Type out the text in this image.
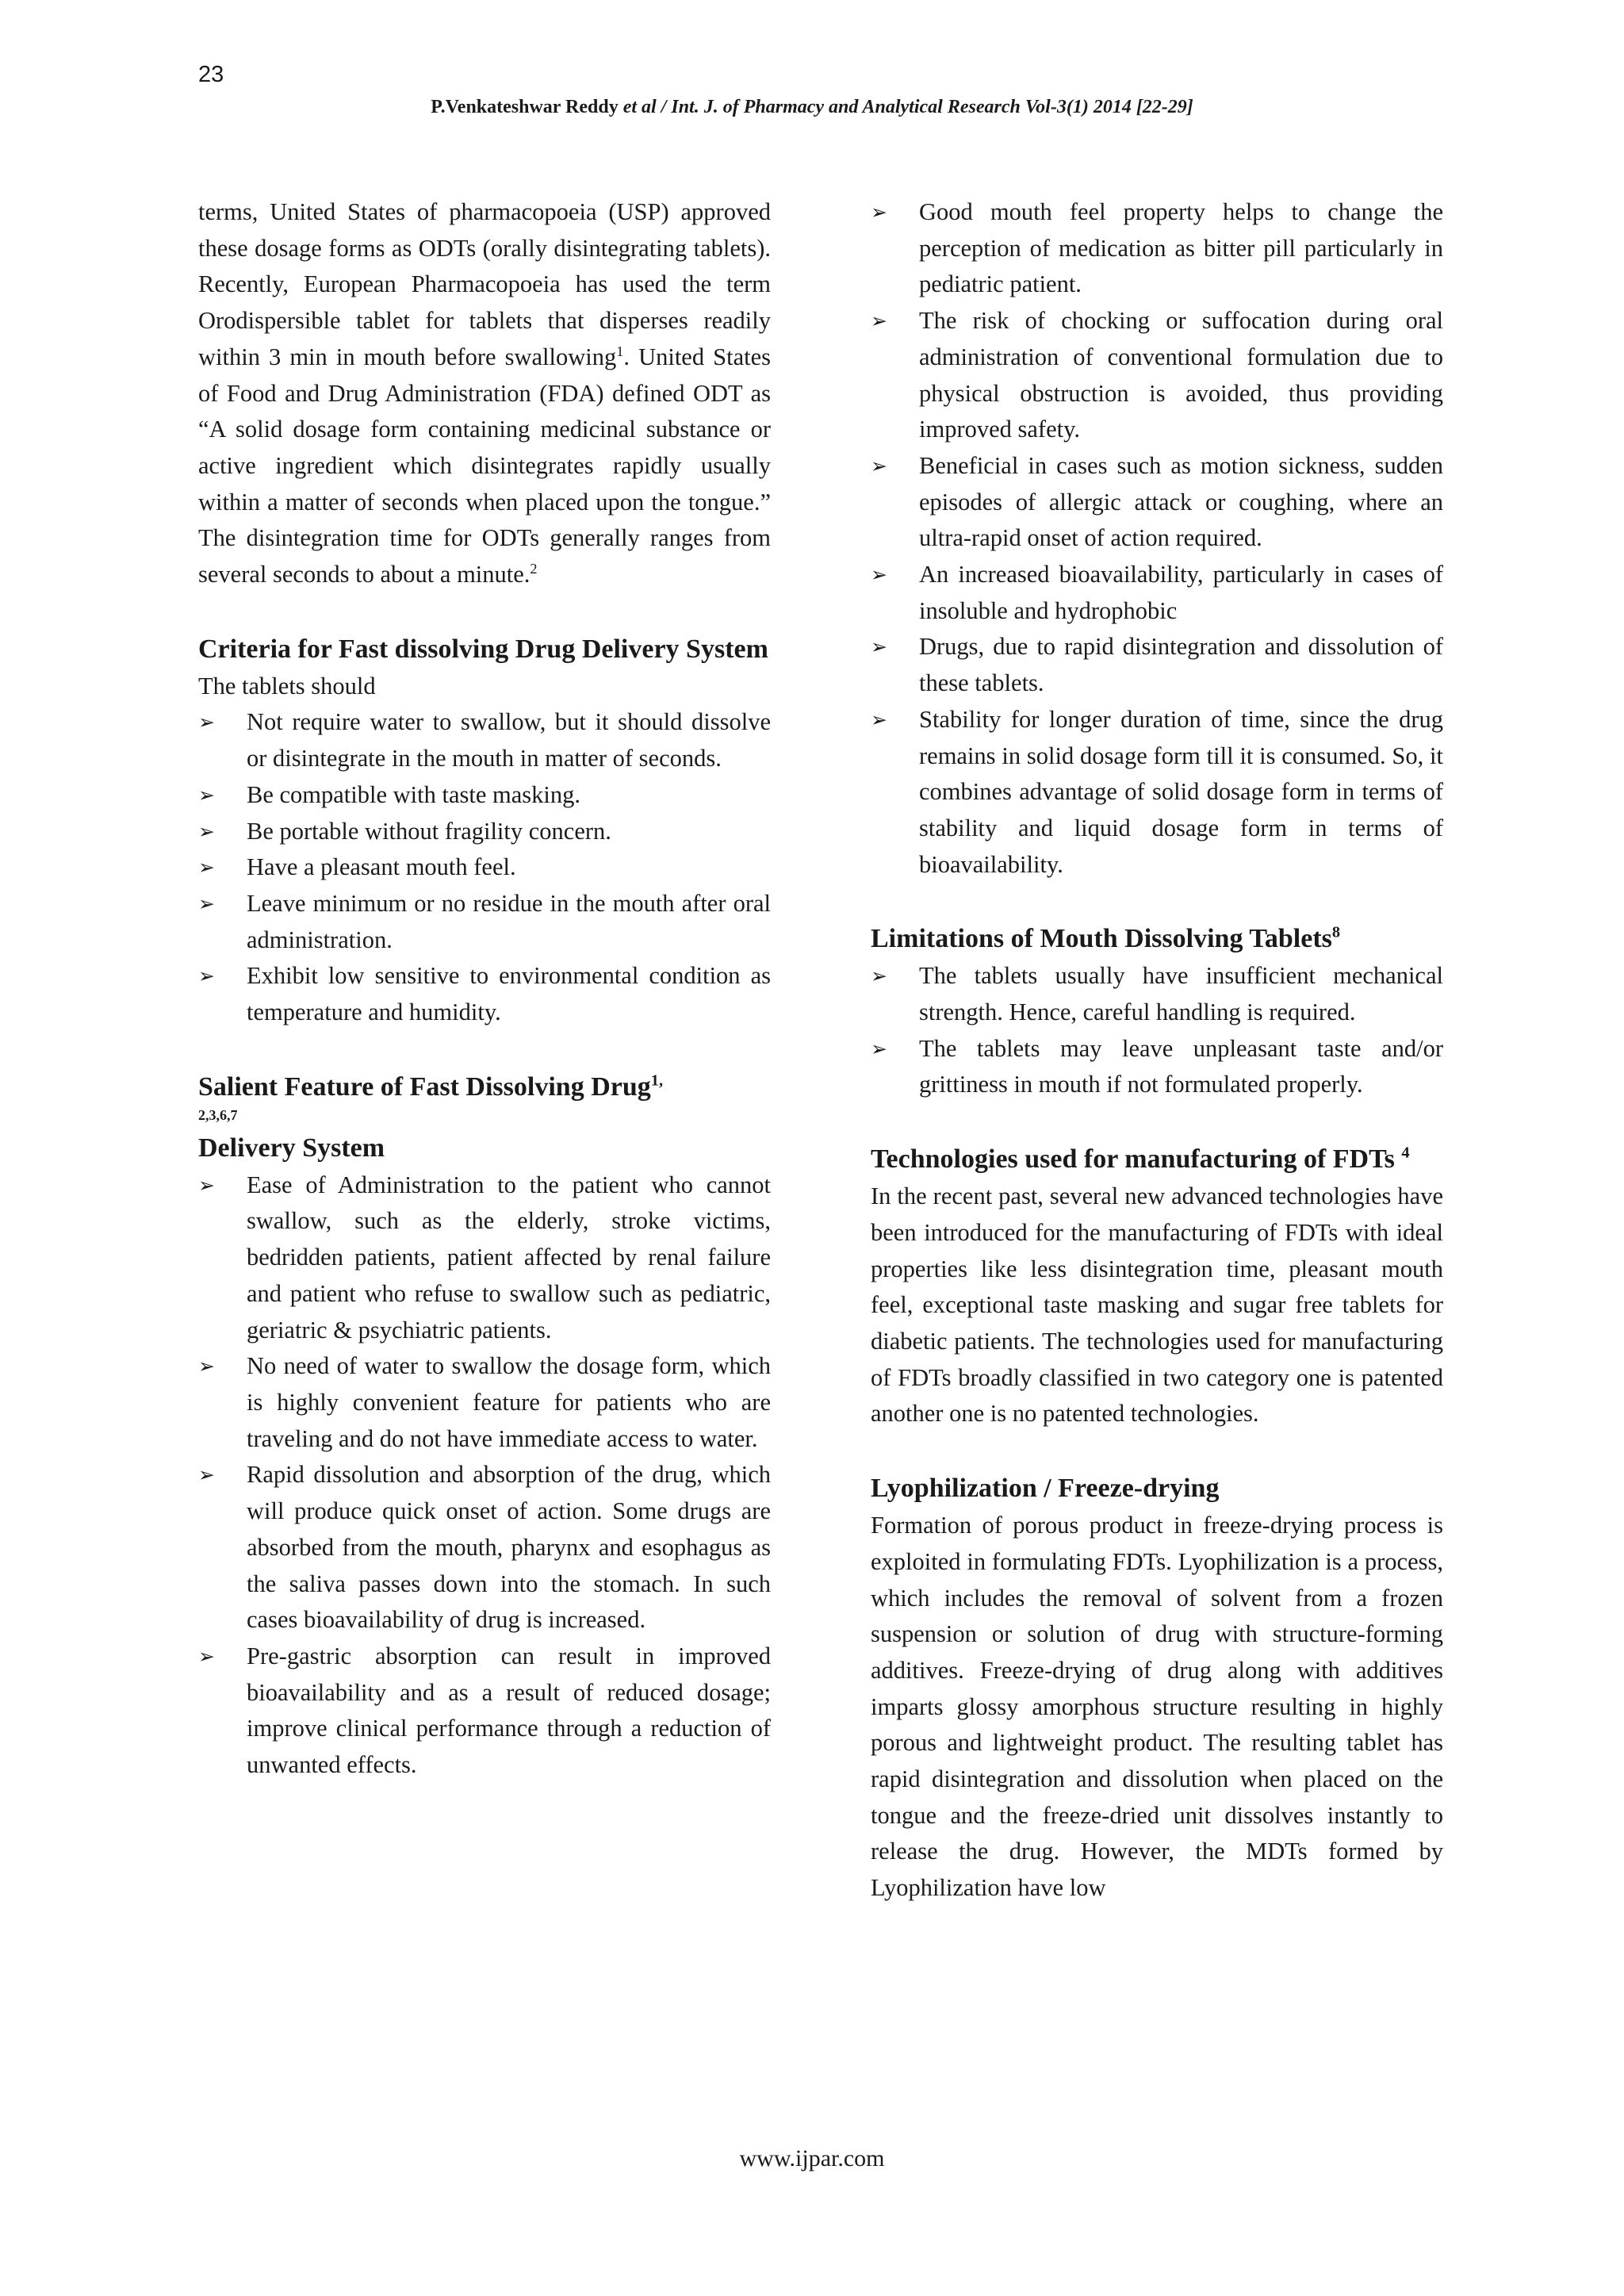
23
P.Venkateshwar Reddy et al / Int. J. of Pharmacy and Analytical Research Vol-3(1) 2014 [22-29]

terms, United States of pharmacopoeia (USP) approved these dosage forms as ODTs (orally disintegrating tablets). Recently, European Pharmacopoeia has used the term Orodispersible tablet for tablets that disperses readily within 3 min in mouth before swallowing$^1$. United States of Food and Drug Administration (FDA) defined ODT as “A solid dosage form containing medicinal substance or active ingredient which disintegrates rapidly usually within a matter of seconds when placed upon the tongue.” The disintegration time for ODTs generally ranges from several seconds to about a minute.$^2$

Criteria for Fast dissolving Drug Delivery System

The tablets should

➢ Not require water to swallow, but it should dissolve or disintegrate in the mouth in matter of seconds.
➢ Be compatible with taste masking.
➢ Be portable without fragility concern.
➢ Have a pleasant mouth feel.
➢ Leave minimum or no residue in the mouth after oral administration.
➢ Exhibit low sensitive to environmental condition as temperature and humidity.
Salient Feature of Fast Dissolving Drug$^{1,}$
2,3,6,7
Delivery System
➢ Ease of Administration to the patient who cannot swallow, such as the elderly, stroke victims, bedridden patients, patient affected by renal failure and patient who refuse to swallow such as pediatric, geriatric & psychiatric patients.
➢ No need of water to swallow the dosage form, which is highly convenient feature for patients who are traveling and do not have immediate access to water.
➢ Rapid dissolution and absorption of the drug, which will produce quick onset of action. Some drugs are absorbed from the mouth, pharynx and esophagus as the saliva passes down into the stomach. In such cases bioavailability of drug is increased.
➢ Pre-gastric absorption can result in improved bioavailability and as a result of reduced dosage; improve clinical performance through a reduction of unwanted effects.
➢ Good mouth feel property helps to change the perception of medication as bitter pill particularly in pediatric patient.
➢ The risk of chocking or suffocation during oral administration of conventional formulation due to physical obstruction is avoided, thus providing improved safety.
➢ Beneficial in cases such as motion sickness, sudden episodes of allergic attack or coughing, where an ultra-rapid onset of action required.
➢ An increased bioavailability, particularly in cases of insoluble and hydrophobic
➢ Drugs, due to rapid disintegration and dissolution of these tablets.
➢ Stability for longer duration of time, since the drug remains in solid dosage form till it is consumed. So, it combines advantage of solid dosage form in terms of stability and liquid dosage form in terms of bioavailability.
Limitations of Mouth Dissolving Tablets$^8$
➢ The tablets usually have insufficient mechanical strength. Hence, careful handling is required.
➢ The tablets may leave unpleasant taste and/or grittiness in mouth if not formulated properly.
Technologies used for manufacturing of FDTs $^4$

In the recent past, several new advanced technologies have been introduced for the manufacturing of FDTs with ideal properties like less disintegration time, pleasant mouth feel, exceptional taste masking and sugar free tablets for diabetic patients. The technologies used for manufacturing of FDTs broadly classified in two category one is patented another one is no patented technologies.

Lyophilization / Freeze-drying

Formation of porous product in freeze-drying process is exploited in formulating FDTs. Lyophilization is a process, which includes the removal of solvent from a frozen suspension or solution of drug with structure-forming additives. Freeze-drying of drug along with additives imparts glossy amorphous structure resulting in highly porous and lightweight product. The resulting tablet has rapid disintegration and dissolution when placed on the tongue and the freeze-dried unit dissolves instantly to release the drug. However, the MDTs formed by Lyophilization have low

www.ijpar.com
